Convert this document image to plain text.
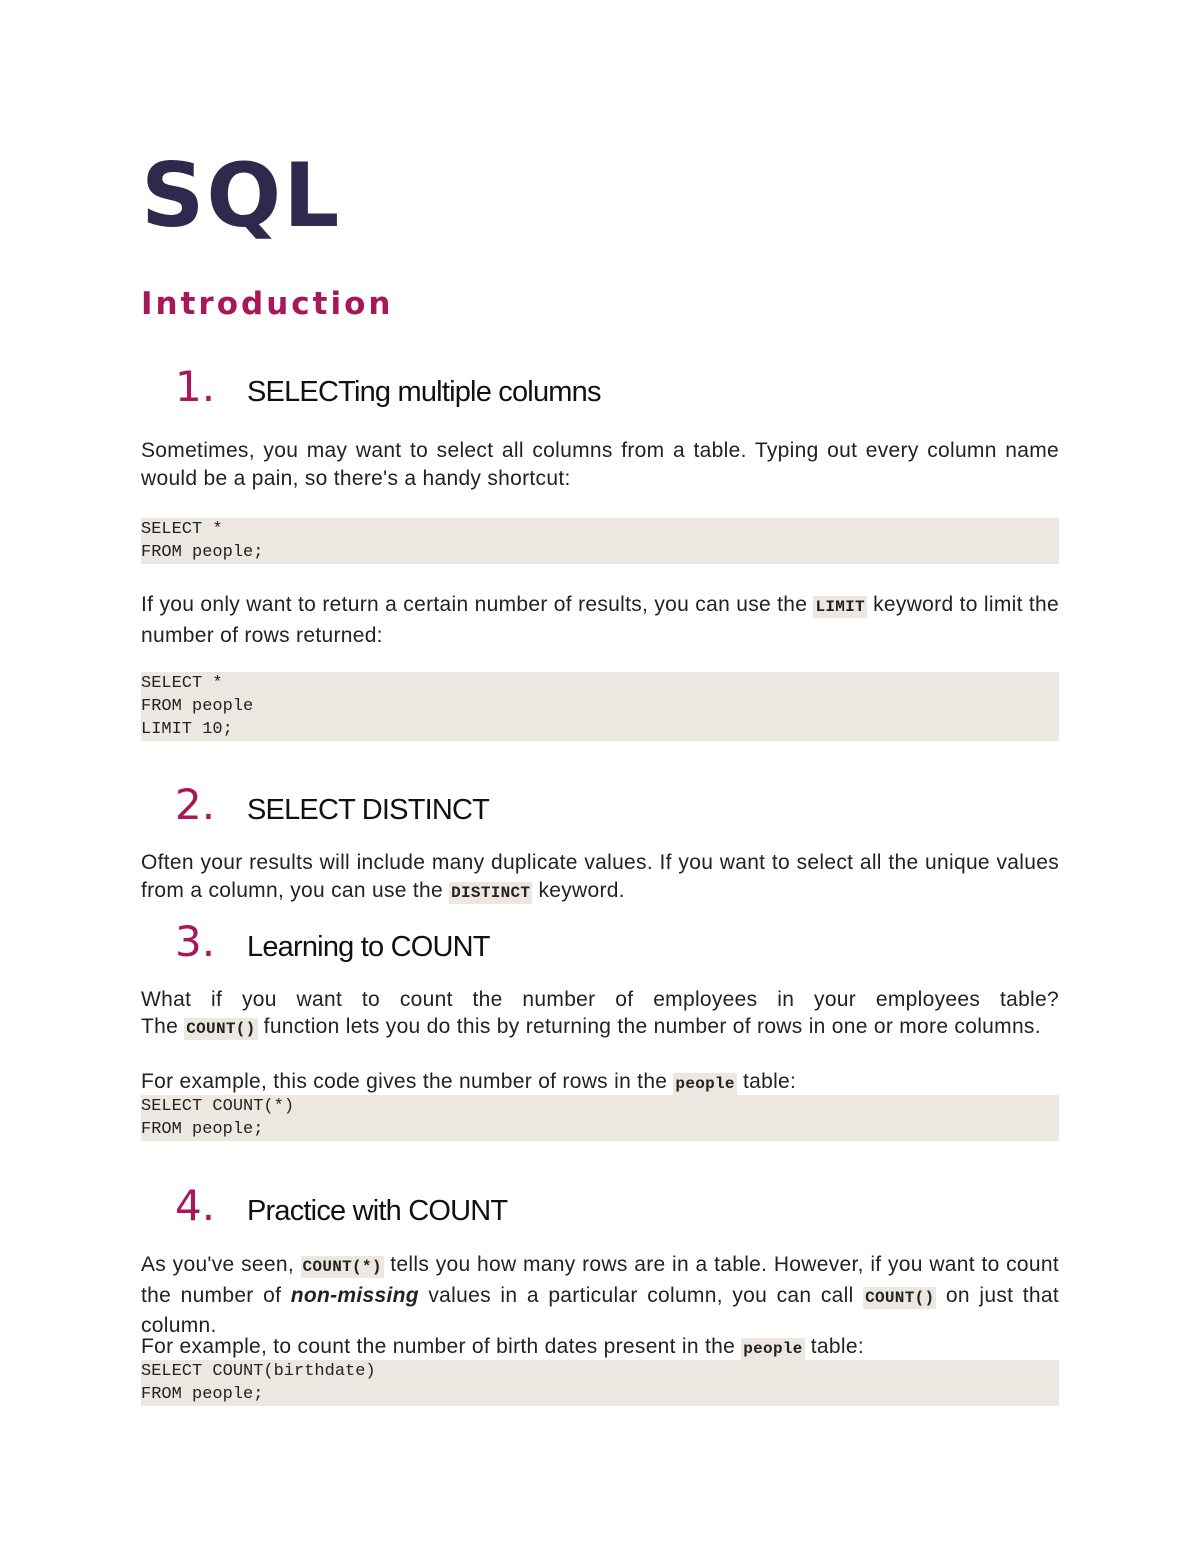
SQL
Introduction
1.	SELECTing multiple columns

Sometimes, you may want to select all columns from a table. Typing out every column name would be a pain, so there's a handy shortcut:

SELECT *
FROM people;

If you only want to return a certain number of results, you can use the LIMIT keyword to limit the number of rows returned:

SELECT *
FROM people
LIMIT 10;
2.	SELECT DISTINCT

Often your results will include many duplicate values. If you want to select all the unique values from a column, you can use the DISTINCT keyword.

3.	Learning to COUNT

What if you want to count the number of employees in your employees table?

The COUNT() function lets you do this by returning the number of rows in one or more columns.

For example, this code gives the number of rows in the people table:

SELECT COUNT(*)
FROM people;
4.	Practice with COUNT

As you've seen, COUNT(*) tells you how many rows are in a table. However, if you want to count the number of non-missing values in a particular column, you can call COUNT() on just that column.

For example, to count the number of birth dates present in the people table:

SELECT COUNT(birthdate)
FROM people;
